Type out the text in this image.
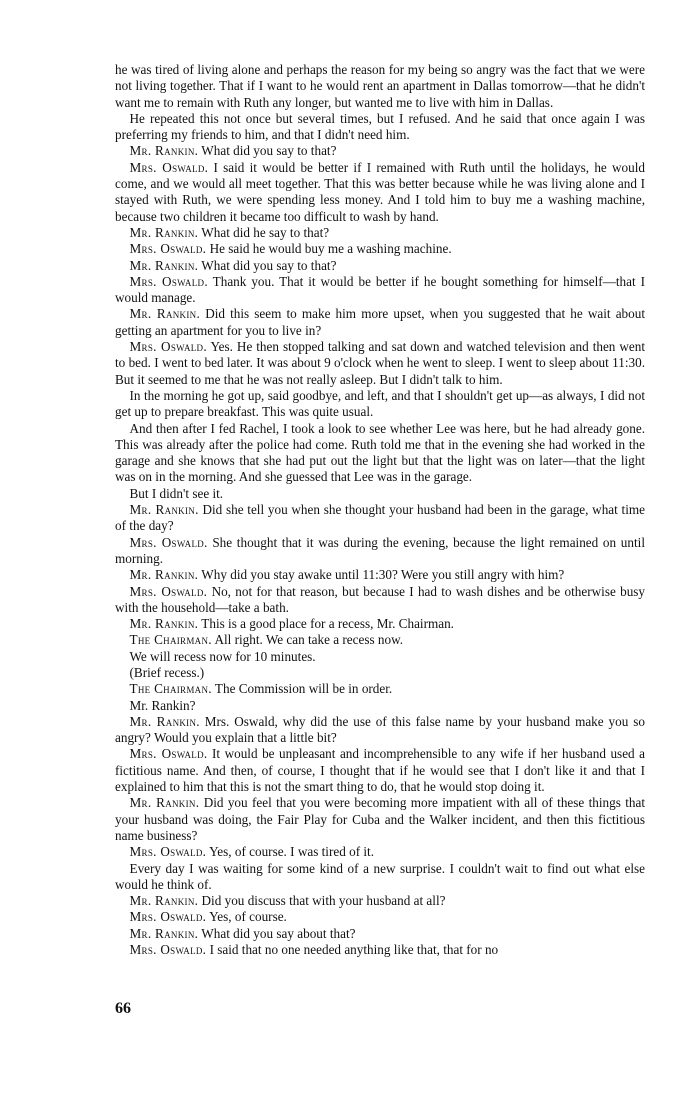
he was tired of living alone and perhaps the reason for my being so angry was the fact that we were not living together. That if I want to he would rent an apartment in Dallas tomorrow—that he didn't want me to remain with Ruth any longer, but wanted me to live with him in Dallas.

He repeated this not once but several times, but I refused. And he said that once again I was preferring my friends to him, and that I didn't need him.

Mr. Rankin. What did you say to that?

Mrs. Oswald. I said it would be better if I remained with Ruth until the holidays, he would come, and we would all meet together. That this was better because while he was living alone and I stayed with Ruth, we were spending less money. And I told him to buy me a washing machine, because two children it became too difficult to wash by hand.

Mr. Rankin. What did he say to that?

Mrs. Oswald. He said he would buy me a washing machine.

Mr. Rankin. What did you say to that?

Mrs. Oswald. Thank you. That it would be better if he bought something for himself—that I would manage.

Mr. Rankin. Did this seem to make him more upset, when you suggested that he wait about getting an apartment for you to live in?

Mrs. Oswald. Yes. He then stopped talking and sat down and watched television and then went to bed. I went to bed later. It was about 9 o'clock when he went to sleep. I went to sleep about 11:30. But it seemed to me that he was not really asleep. But I didn't talk to him.

In the morning he got up, said goodbye, and left, and that I shouldn't get up—as always, I did not get up to prepare breakfast. This was quite usual.

And then after I fed Rachel, I took a look to see whether Lee was here, but he had already gone. This was already after the police had come. Ruth told me that in the evening she had worked in the garage and she knows that she had put out the light but that the light was on later—that the light was on in the morning. And she guessed that Lee was in the garage.

But I didn't see it.

Mr. Rankin. Did she tell you when she thought your husband had been in the garage, what time of the day?

Mrs. Oswald. She thought that it was during the evening, because the light remained on until morning.

Mr. Rankin. Why did you stay awake until 11:30? Were you still angry with him?

Mrs. Oswald. No, not for that reason, but because I had to wash dishes and be otherwise busy with the household—take a bath.

Mr. Rankin. This is a good place for a recess, Mr. Chairman.

The Chairman. All right. We can take a recess now.

We will recess now for 10 minutes.

(Brief recess.)

The Chairman. The Commission will be in order.

Mr. Rankin?

Mr. Rankin. Mrs. Oswald, why did the use of this false name by your husband make you so angry? Would you explain that a little bit?

Mrs. Oswald. It would be unpleasant and incomprehensible to any wife if her husband used a fictitious name. And then, of course, I thought that if he would see that I don't like it and that I explained to him that this is not the smart thing to do, that he would stop doing it.

Mr. Rankin. Did you feel that you were becoming more impatient with all of these things that your husband was doing, the Fair Play for Cuba and the Walker incident, and then this fictitious name business?

Mrs. Oswald. Yes, of course. I was tired of it.

Every day I was waiting for some kind of a new surprise. I couldn't wait to find out what else would he think of.

Mr. Rankin. Did you discuss that with your husband at all?

Mrs. Oswald. Yes, of course.

Mr. Rankin. What did you say about that?

Mrs. Oswald. I said that no one needed anything like that, that for no

66
